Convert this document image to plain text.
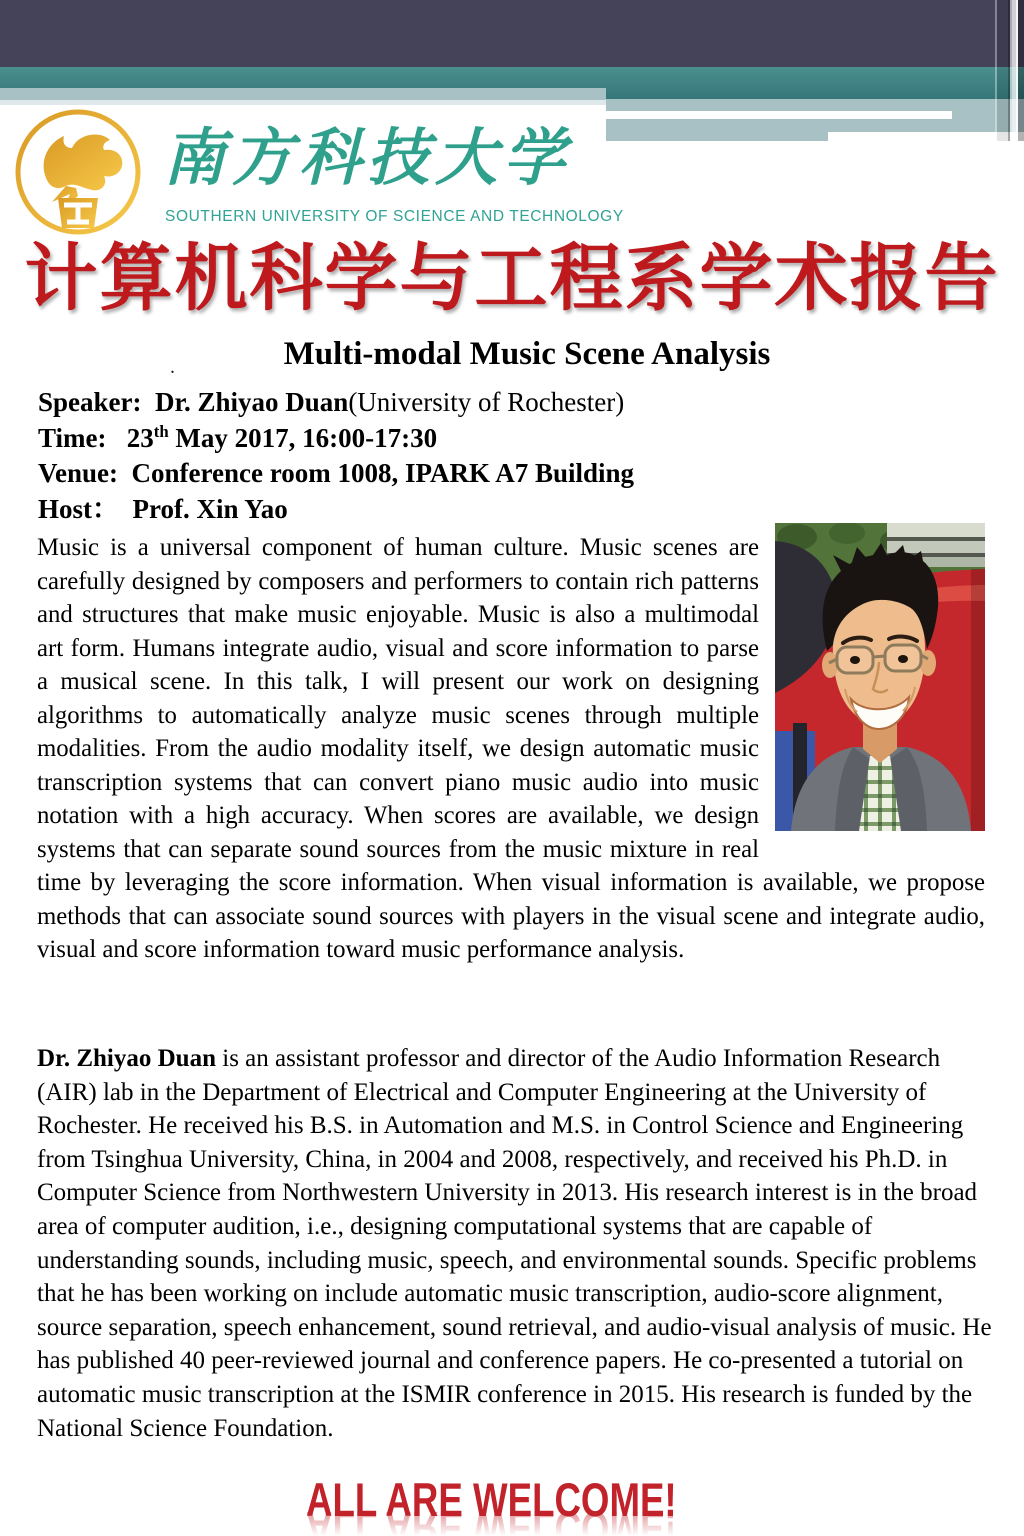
南方科技大学
SOUTHERN UNIVERSITY OF SCIENCE AND TECHNOLOGY
计算机科学与工程系学术报告
Multi-modal Music Scene Analysis
.
Speaker:  Dr. Zhiyao Duan(University of Rochester)
Time:   23th May 2017, 16:00-17:30
Venue:  Conference room 1008, IPARK A7 Building
Host：  Prof. Xin Yao
Music is a universal component of human culture. Music scenes are carefully designed by composers and performers to contain rich patterns and structures that make music enjoyable. Music is also a multimodal art form. Humans integrate audio, visual and score information to parse a musical scene. In this talk, I will present our work on designing algorithms to automatically analyze music scenes through multiple modalities. From the audio modality itself, we design automatic music transcription systems that can convert piano music audio into music notation with a high accuracy. When scores are available, we design systems that can separate sound sources from the music mixture in real time by leveraging the score information. When visual information is available, we propose methods that can associate sound sources with players in the visual scene and integrate audio, visual and score information toward music performance analysis.
Dr. Zhiyao Duan is an assistant professor and director of the Audio Information Research (AIR) lab in the Department of Electrical and Computer Engineering at the University of Rochester. He received his B.S. in Automation and M.S. in Control Science and Engineering from Tsinghua University, China, in 2004 and 2008, respectively, and received his Ph.D. in Computer Science from Northwestern University in 2013. His research interest is in the broad area of computer audition, i.e., designing computational systems that are capable of understanding sounds, including music, speech, and environmental sounds. Specific problems that he has been working on include automatic music transcription, audio-score alignment, source separation, speech enhancement, sound retrieval, and audio-visual analysis of music. He has published 40 peer-reviewed journal and conference papers. He co-presented a tutorial on automatic music transcription at the ISMIR conference in 2015. His research is funded by the National Science Foundation.
ALL ARE WELCOME!
